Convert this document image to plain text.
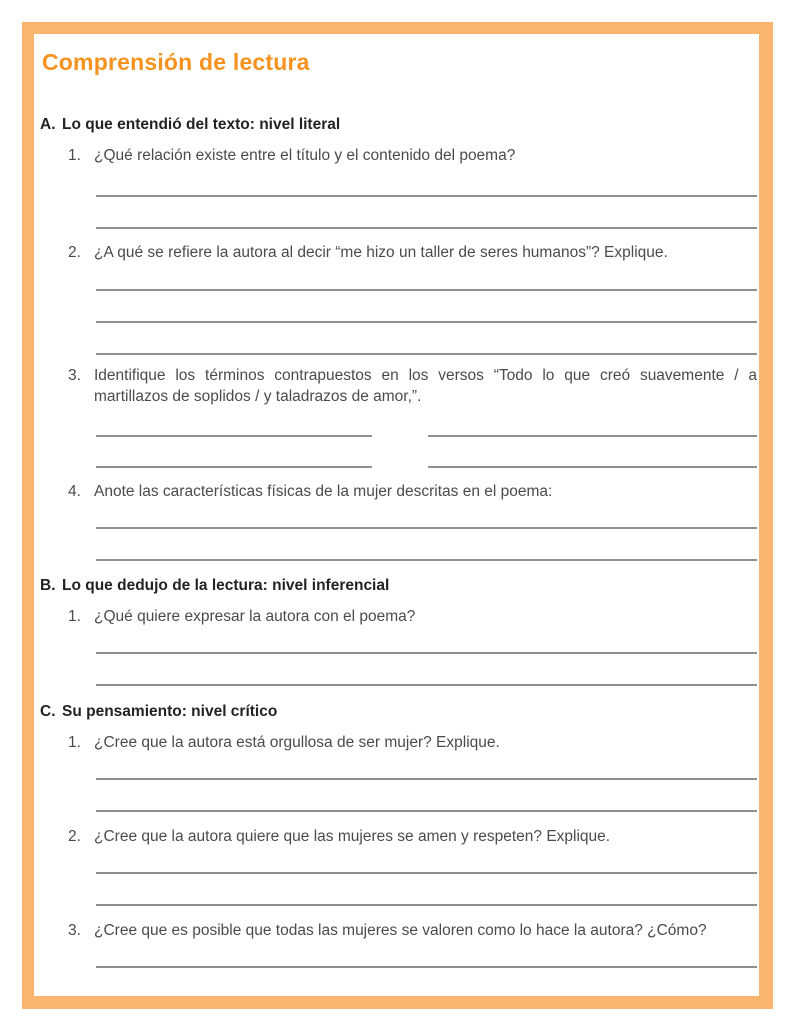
Comprensión de lectura
A. Lo que entendió del texto: nivel literal
1. ¿Qué relación existe entre el título y el contenido del poema?
2. ¿A qué se refiere la autora al decir “me hizo un taller de seres humanos”? Explique.
3. Identifique los términos contrapuestos en los versos “Todo lo que creó suavemente / a martillazos de soplidos / y taladrazos de amor,”.
4. Anote las características físicas de la mujer descritas en el poema:
B. Lo que dedujo de la lectura: nivel inferencial
1. ¿Qué quiere expresar la autora con el poema?
C. Su pensamiento: nivel crítico
1. ¿Cree que la autora está orgullosa de ser mujer? Explique.
2. ¿Cree que la autora quiere que las mujeres se amen y respeten? Explique.
3. ¿Cree que es posible que todas las mujeres se valoren como lo hace la autora? ¿Cómo?
